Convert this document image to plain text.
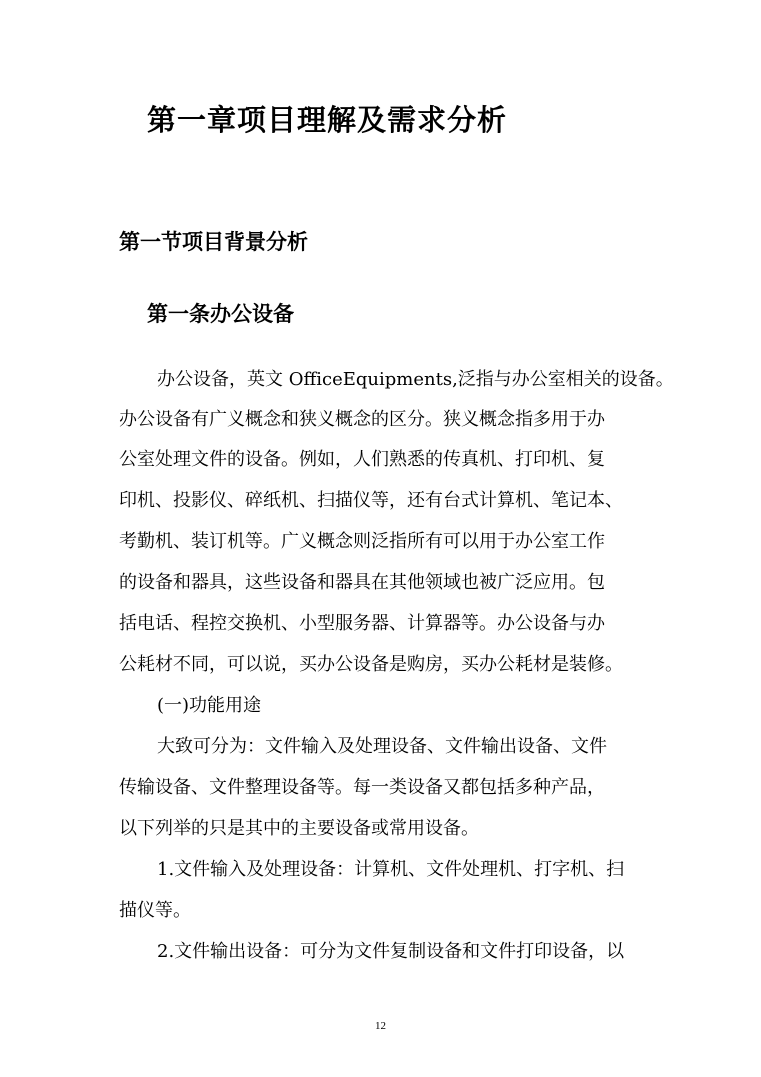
第一章项目理解及需求分析
第一节项目背景分析
第一条办公设备
办公设备，英文 OfficeEquipments,泛指与办公室相关的设备。
办公设备有广义概念和狭义概念的区分。狭义概念指多用于办
公室处理文件的设备。例如，人们熟悉的传真机、打印机、复
印机、投影仪、碎纸机、扫描仪等，还有台式计算机、笔记本、
考勤机、装订机等。广义概念则泛指所有可以用于办公室工作
的设备和器具，这些设备和器具在其他领域也被广泛应用。包
括电话、程控交换机、小型服务器、计算器等。办公设备与办
公耗材不同，可以说，买办公设备是购房，买办公耗材是装修。
(一)功能用途
大致可分为：文件输入及处理设备、文件输出设备、文件
传输设备、文件整理设备等。每一类设备又都包括多种产品，
以下列举的只是其中的主要设备或常用设备。
1.文件输入及处理设备：计算机、文件处理机、打字机、扫
描仪等。
2.文件输出设备：可分为文件复制设备和文件打印设备，以
12
